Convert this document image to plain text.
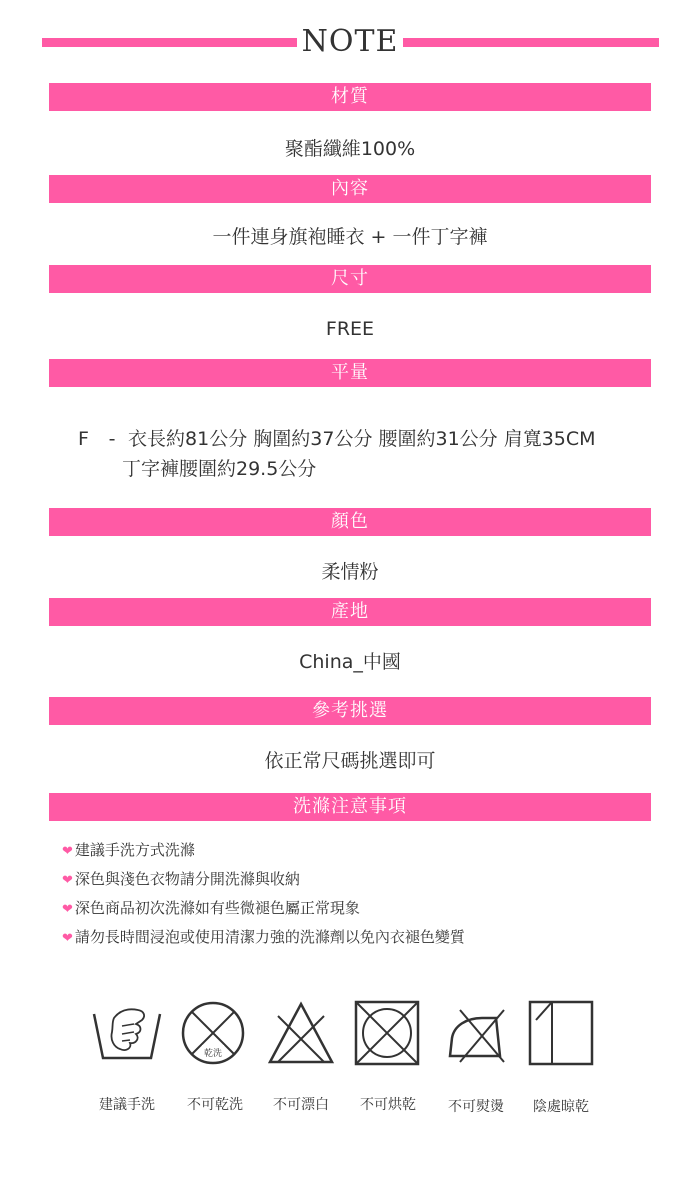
NOTE
材質
聚酯纖維100%
內容
一件連身旗袍睡衣 + 一件丁字褲
尺寸
FREE
平量
F - 衣長約81公分 胸圍約37公分 腰圍約31公分 肩寬35CM
丁字褲腰圍約29.5公分
顏色
柔情粉
產地
China_中國
參考挑選
依正常尺碼挑選即可
洗滌注意事項
❤ 建議手洗方式洗滌
❤ 深色與淺色衣物請分開洗滌與收納
❤ 深色商品初次洗滌如有些微褪色屬正常現象
❤ 請勿長時間浸泡或使用清潔力強的洗滌劑以免內衣褪色變質
乾洗
建議手洗	不可乾洗	不可漂白	不可烘乾	不可熨燙	陰處晾乾
